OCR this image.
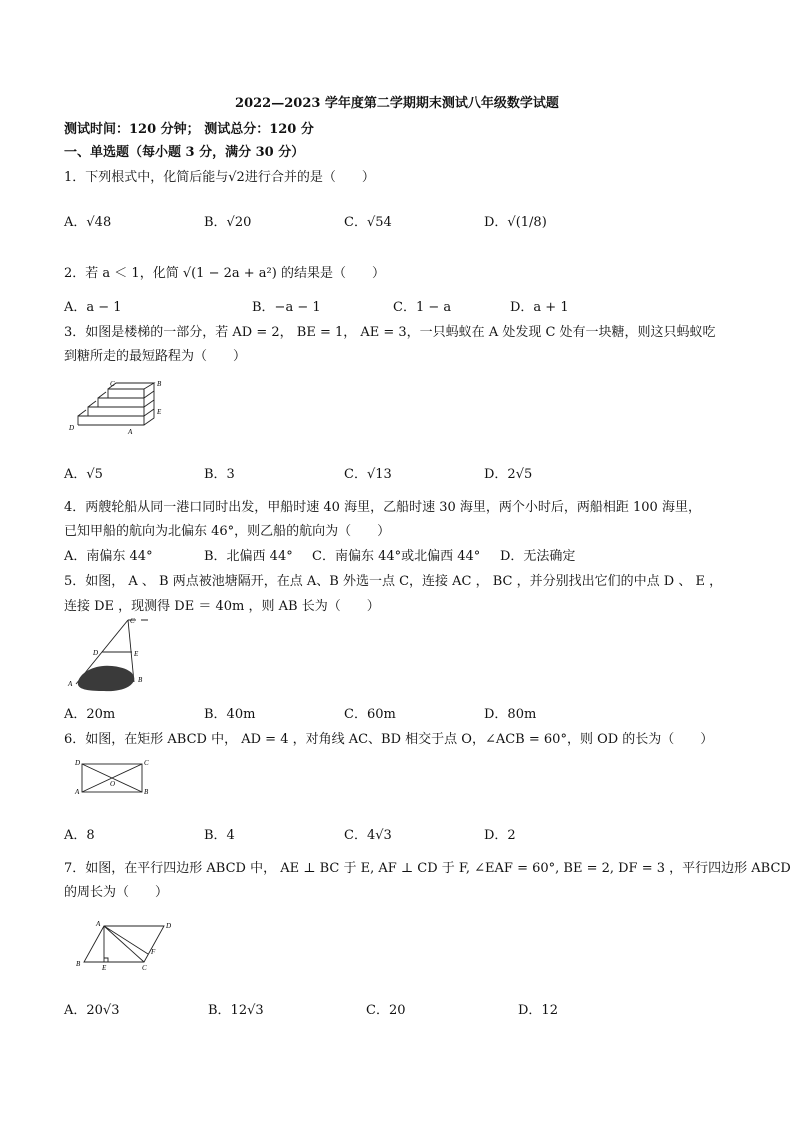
2022—2023 学年度第二学期期末测试八年级数学试题
测试时间：120 分钟； 测试总分：120 分
一、单选题（每小题 3 分，满分 30 分）
1．下列根式中，化简后能与√2进行合并的是（　　）
A．√48	B．√20	C．√54	D．√(1/8)
2．若 a ＜ 1，化简 √(1 − 2a + a²) 的结果是（　　）
A．a − 1	B．−a − 1	C．1 − a	D．a + 1
3．如图是楼梯的一部分，若 AD = 2， BE = 1， AE = 3，一只蚂蚁在 A 处发现 C 处有一块糖，则这只蚂蚁吃
到糖所走的最短路程为（　　）
C	B
E
D	A
A．√5	B．3	C．√13	D．2√5
4．两艘轮船从同一港口同时出发，甲船时速 40 海里，乙船时速 30 海里，两个小时后，两船相距 100 海里，
已知甲船的航向为北偏东 46°，则乙船的航向为（　　）
A．南偏东 44°	B．北偏西 44° C．南偏东 44°或北偏西 44° D．无法确定
5．如图， A 、 B 两点被池塘隔开，在点 A、B 外选一点 C，连接 AC ， BC ，并分别找出它们的中点 D 、 E ，
连接 DE ，现测得 DE ＝ 40m ，则 AB 长为（　　）
C
D	E
A	B
A．20m	B．40m	C．60m	D．80m
6．如图，在矩形 ABCD 中， AD = 4 ，对角线 AC、BD 相交于点 O，∠ACB = 60°，则 OD 的长为（　　）
D	C
O
A	B
A．8	B．4	C．4√3	D．2
7．如图，在平行四边形 ABCD 中， AE ⊥ BC 于 E, AF ⊥ CD 于 F, ∠EAF = 60°, BE = 2, DF = 3 ，平行四边形 ABCD
的周长为（　　）
A	D
F
B	E	C
A．20√3	B．12√3	C．20	D．12
